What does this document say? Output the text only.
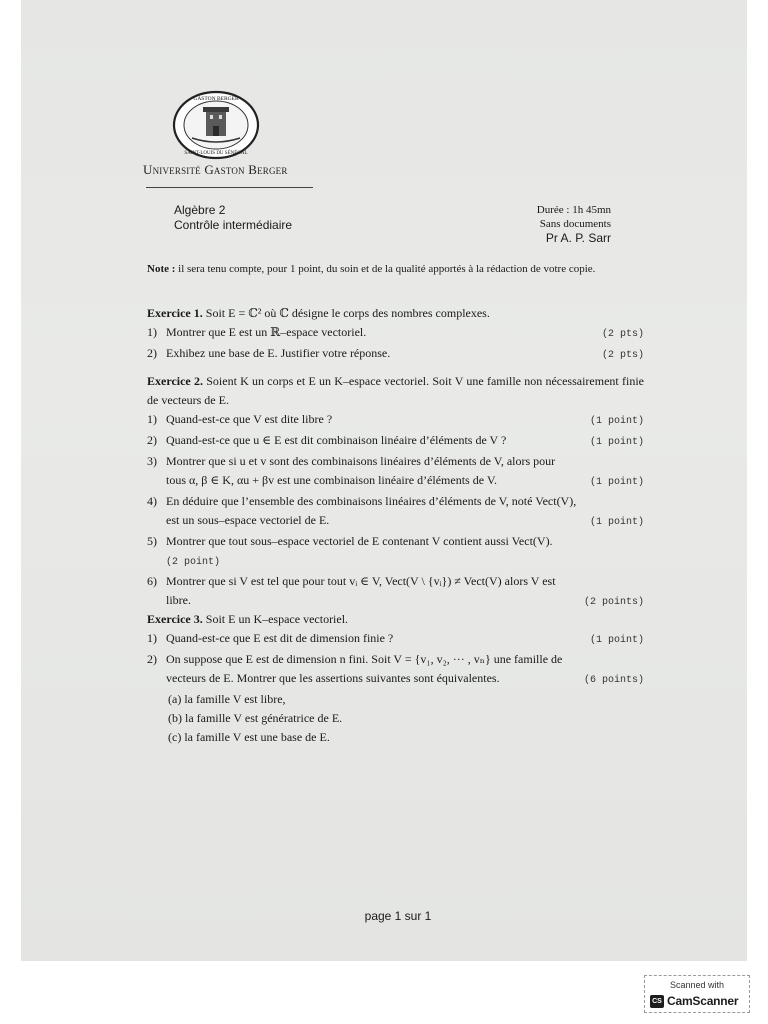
GASTON BERGER
SAINT-LOUIS DU SÉNÉGAL
Université Gaston Berger
Algèbre 2
Contrôle intermédiaire
Durée : 1h 45mn
Sans documents
Pr A. P. Sarr
Note : il sera tenu compte, pour 1 point, du soin et de la qualité apportés à la rédaction de votre copie.
Exercice 1. Soit E = ℂ² où ℂ désigne le corps des nombres complexes.
1) Montrer que E est un ℝ–espace vectoriel.	(2 pts)
2) Exhibez une base de E. Justifier votre réponse.	(2 pts)
Exercice 2. Soient K un corps et E un K–espace vectoriel. Soit V une famille non nécessairement finie de vecteurs de E.
1) Quand-est-ce que V est dite libre ?	(1 point)
2) Quand-est-ce que u ∈ E est dit combinaison linéaire d’éléments de V ?	(1 point)
3) Montrer que si u et v sont des combinaisons linéaires d’éléments de V, alors pour
tous α, β ∈ K, αu + βv est une combinaison linéaire d’éléments de V.	(1 point)
4) En déduire que l’ensemble des combinaisons linéaires d’éléments de V, noté Vect(V),
est un sous–espace vectoriel de E.	(1 point)
5) Montrer que tout sous–espace vectoriel de E contenant V contient aussi Vect(V).
(2 point)
6) Montrer que si V est tel que pour tout vᵢ ∈ V, Vect(V \ {vᵢ}) ≠ Vect(V) alors V est
libre.	(2 points)
Exercice 3. Soit E un K–espace vectoriel.
1) Quand-est-ce que E est dit de dimension finie ?	(1 point)
2) On suppose que E est de dimension n fini. Soit V = {v₁, v₂, ··· , vₙ} une famille de
vecteurs de E. Montrer que les assertions suivantes sont équivalentes.	(6 points)
(a) la famille V est libre,
(b) la famille V est génératrice de E.
(c) la famille V est une base de E.
page 1 sur 1
Scanned with
CS CamScanner
